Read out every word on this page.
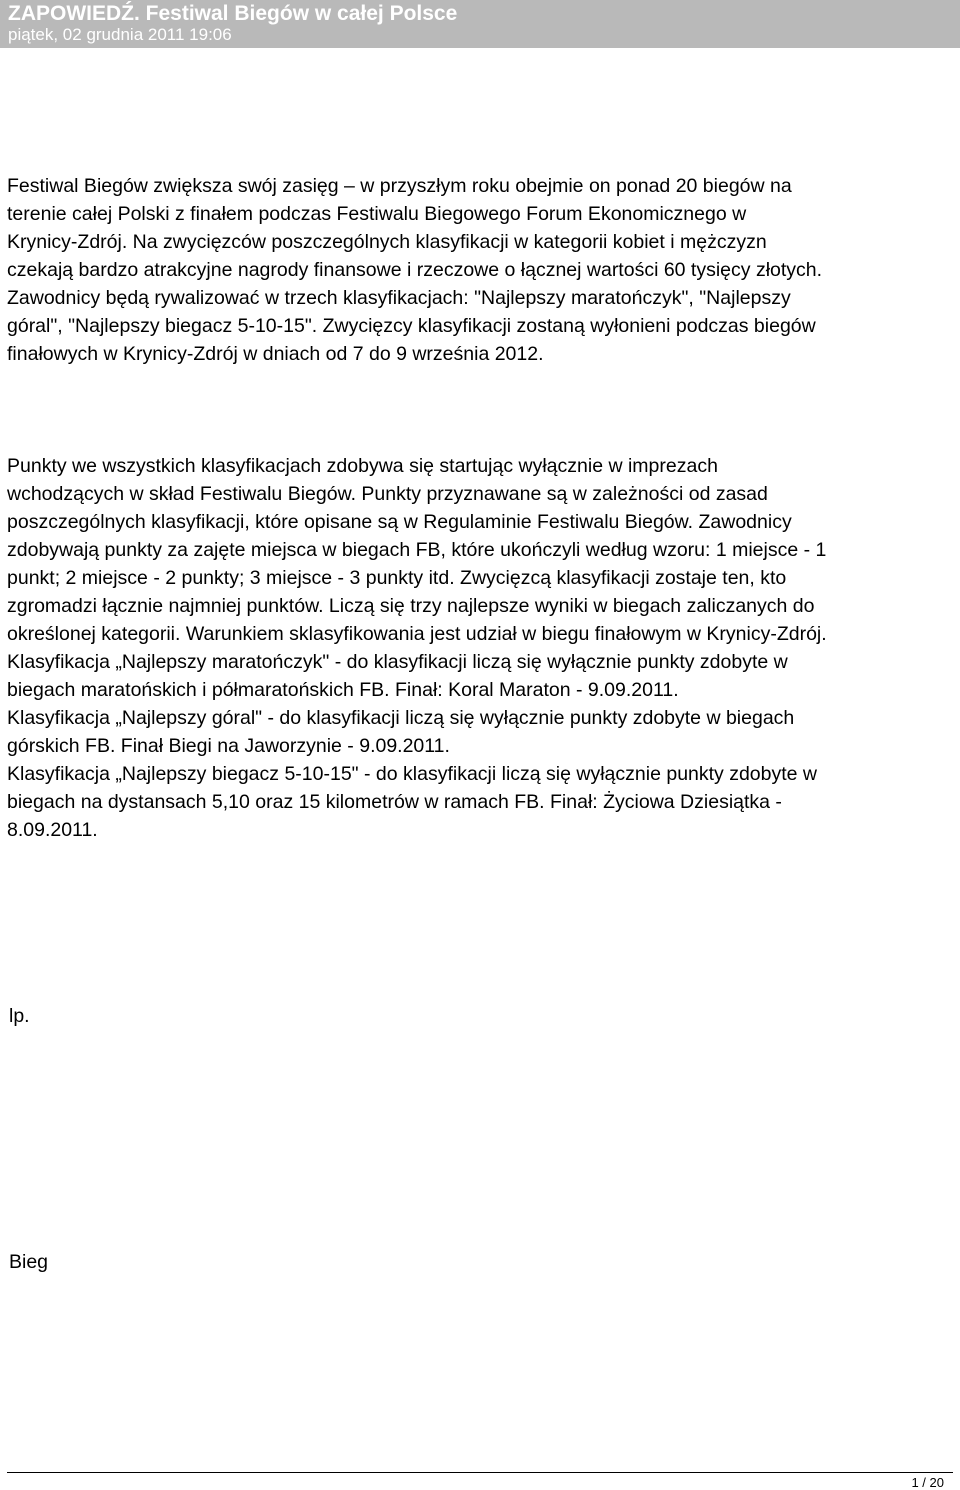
ZAPOWIEDŹ. Festiwal Biegów w całej Polsce
piątek, 02 grudnia 2011 19:06

Festiwal Biegów zwiększa swój zasięg – w przyszłym roku obejmie on ponad 20 biegów na
terenie całej Polski z finałem podczas Festiwalu Biegowego Forum Ekonomicznego w
Krynicy-Zdrój. Na zwycięzców poszczególnych klasyfikacji w kategorii kobiet i mężczyzn
czekają bardzo atrakcyjne nagrody finansowe i rzeczowe o łącznej wartości 60 tysięcy złotych.
Zawodnicy będą rywalizować w trzech klasyfikacjach: "Najlepszy maratończyk", "Najlepszy
góral", "Najlepszy biegacz 5-10-15". Zwycięzcy klasyfikacji zostaną wyłonieni podczas biegów
finałowych w Krynicy-Zdrój w dniach od 7 do 9 września 2012.

Punkty we wszystkich klasyfikacjach zdobywa się startując wyłącznie w imprezach
wchodzących w skład Festiwalu Biegów. Punkty przyznawane są w zależności od zasad
poszczególnych klasyfikacji, które opisane są w Regulaminie Festiwalu Biegów. Zawodnicy
zdobywają punkty za zajęte miejsca w biegach FB, które ukończyli według wzoru: 1 miejsce - 1
punkt; 2 miejsce - 2 punkty; 3 miejsce - 3 punkty itd. Zwycięzcą klasyfikacji zostaje ten, kto
zgromadzi łącznie najmniej punktów. Liczą się trzy najlepsze wyniki w biegach zaliczanych do
określonej kategorii. Warunkiem sklasyfikowania jest udział w biegu finałowym w Krynicy-Zdrój.
Klasyfikacja „Najlepszy maratończyk" - do klasyfikacji liczą się wyłącznie punkty zdobyte w
biegach maratońskich i półmaratońskich FB. Finał: Koral Maraton - 9.09.2011.
Klasyfikacja „Najlepszy góral" - do klasyfikacji liczą się wyłącznie punkty zdobyte w biegach
górskich FB. Finał Biegi na Jaworzynie - 9.09.2011.
Klasyfikacja „Najlepszy biegacz 5-10-15" - do klasyfikacji liczą się wyłącznie punkty zdobyte w
biegach na dystansach 5,10 oraz 15 kilometrów w ramach FB. Finał: Życiowa Dziesiątka -
8.09.2011.

lp.
Bieg
1 / 20
